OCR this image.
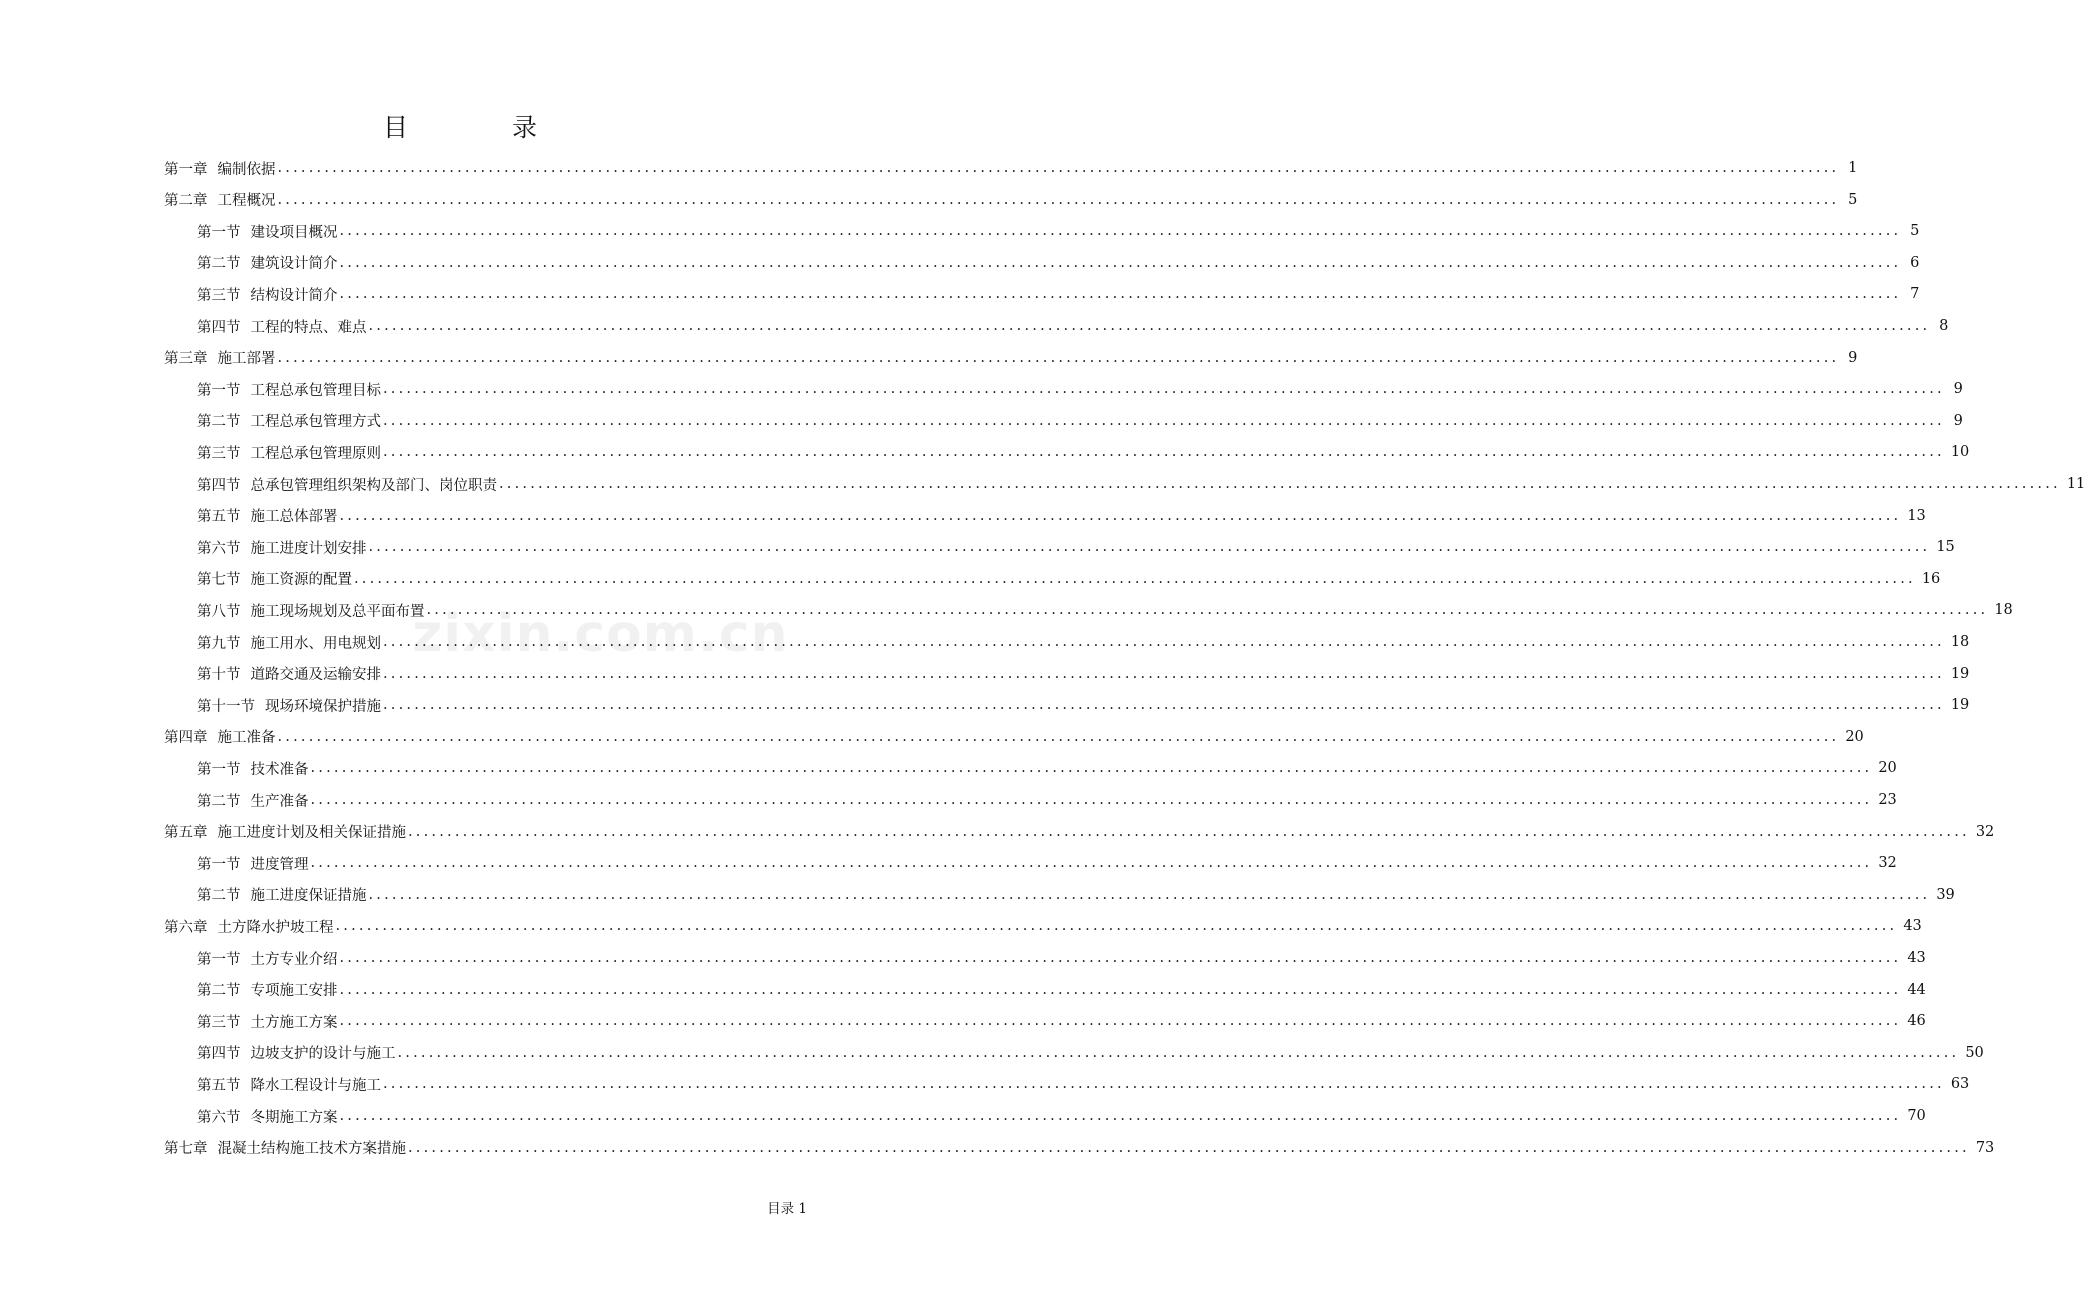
目 录
zixin.com.cn
第一章 编制依据 ........................................................................................................................................................................................................ 1
第二章 工程概况 ........................................................................................................................................................................................................ 5
第一节 建设项目概况 ........................................................................................................................................................................................................ 5
第二节 建筑设计简介 ........................................................................................................................................................................................................ 6
第三节 结构设计简介 ........................................................................................................................................................................................................ 7
第四节 工程的特点、难点 ........................................................................................................................................................................................................ 8
第三章 施工部署 ........................................................................................................................................................................................................ 9
第一节 工程总承包管理目标 ........................................................................................................................................................................................................ 9
第二节 工程总承包管理方式 ........................................................................................................................................................................................................ 9
第三节 工程总承包管理原则 ........................................................................................................................................................................................................ 10
第四节 总承包管理组织架构及部门、岗位职责 ........................................................................................................................................................................................................ 11
第五节 施工总体部署 ........................................................................................................................................................................................................ 13
第六节 施工进度计划安排 ........................................................................................................................................................................................................ 15
第七节 施工资源的配置 ........................................................................................................................................................................................................ 16
第八节 施工现场规划及总平面布置 ........................................................................................................................................................................................................ 18
第九节 施工用水、用电规划 ........................................................................................................................................................................................................ 18
第十节 道路交通及运输安排 ........................................................................................................................................................................................................ 19
第十一节 现场环境保护措施 ........................................................................................................................................................................................................ 19
第四章 施工准备 ........................................................................................................................................................................................................ 20
第一节 技术准备 ........................................................................................................................................................................................................ 20
第二节 生产准备 ........................................................................................................................................................................................................ 23
第五章 施工进度计划及相关保证措施 ........................................................................................................................................................................................................ 32
第一节 进度管理 ........................................................................................................................................................................................................ 32
第二节 施工进度保证措施 ........................................................................................................................................................................................................ 39
第六章 土方降水护坡工程 ........................................................................................................................................................................................................ 43
第一节 土方专业介绍 ........................................................................................................................................................................................................ 43
第二节 专项施工安排 ........................................................................................................................................................................................................ 44
第三节 土方施工方案 ........................................................................................................................................................................................................ 46
第四节 边坡支护的设计与施工 ........................................................................................................................................................................................................ 50
第五节 降水工程设计与施工 ........................................................................................................................................................................................................ 63
第六节 冬期施工方案 ........................................................................................................................................................................................................ 70
第七章 混凝土结构施工技术方案措施 ........................................................................................................................................................................................................ 73
目录 1
